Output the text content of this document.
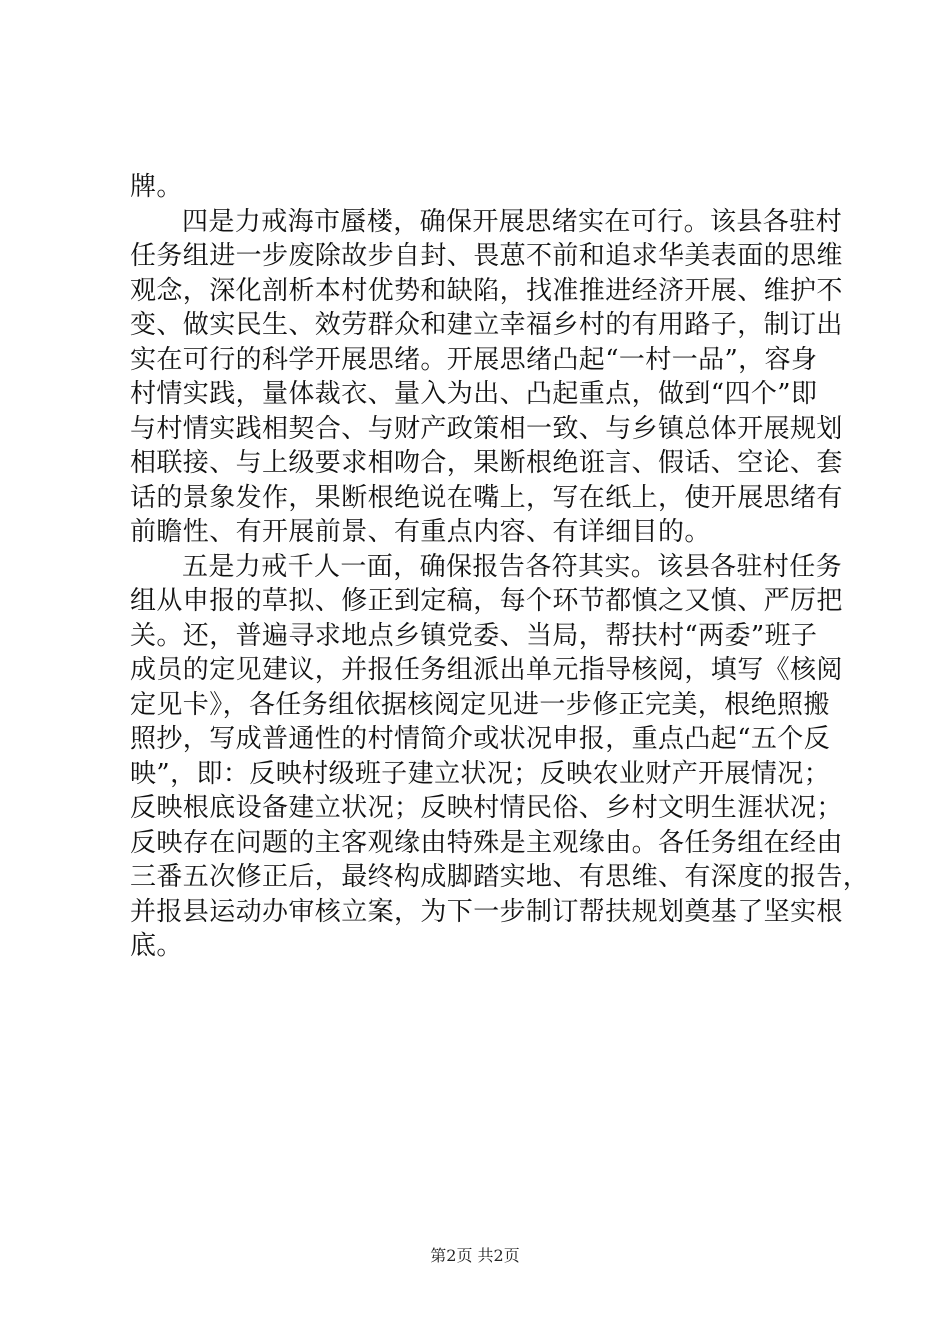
牌。
四是力戒海市蜃楼，确保开展思绪实在可行。该县各驻村
任务组进一步废除故步自封、畏葸不前和追求华美表面的思维
观念，深化剖析本村优势和缺陷，找准推进经济开展、维护不
变、做实民生、效劳群众和建立幸福乡村的有用路子，制订出
实在可行的科学开展思绪。开展思绪凸起“一村一品”，容身
村情实践，量体裁衣、量入为出、凸起重点，做到“四个”即
与村情实践相契合、与财产政策相一致、与乡镇总体开展规划
相联接、与上级要求相吻合，果断根绝诳言、假话、空论、套
话的景象发作，果断根绝说在嘴上，写在纸上，使开展思绪有
前瞻性、有开展前景、有重点内容、有详细目的。
五是力戒千人一面，确保报告各符其实。该县各驻村任务
组从申报的草拟、修正到定稿，每个环节都慎之又慎、严厉把
关。还，普遍寻求地点乡镇党委、当局，帮扶村“两委”班子
成员的定见建议，并报任务组派出单元指导核阅，填写《核阅
定见卡》，各任务组依据核阅定见进一步修正完美，根绝照搬
照抄，写成普通性的村情简介或状况申报，重点凸起“五个反
映”，即：反映村级班子建立状况；反映农业财产开展情况；
反映根底设备建立状况；反映村情民俗、乡村文明生涯状况；
反映存在问题的主客观缘由特殊是主观缘由。各任务组在经由
三番五次修正后，最终构成脚踏实地、有思维、有深度的报告，
并报县运动办审核立案，为下一步制订帮扶规划奠基了坚实根
底。
第2页 共2页
